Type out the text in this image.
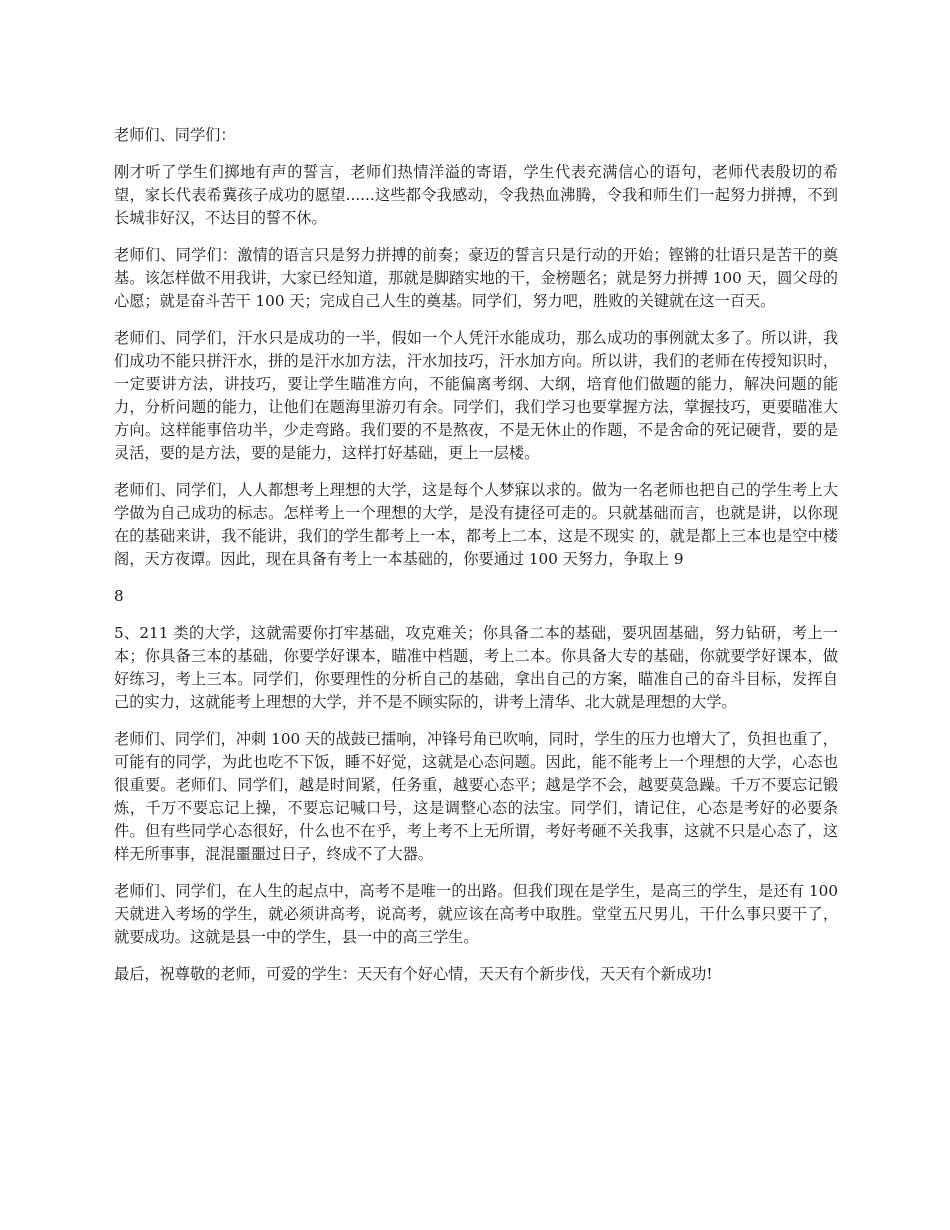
老师们、同学们：

刚才听了学生们掷地有声的誓言，老师们热情洋溢的寄语，学生代表充满信心的语句，老师代表殷切的希望，家长代表希冀孩子成功的愿望......这些都令我感动，令我热血沸腾，令我和师生们一起努力拼搏，不到长城非好汉，不达目的誓不休。

老师们、同学们：激情的语言只是努力拼搏的前奏；豪迈的誓言只是行动的开始；铿锵的壮语只是苦干的奠基。该怎样做不用我讲，大家已经知道，那就是脚踏实地的干，金榜题名；就是努力拼搏 100 天，圆父母的心愿；就是奋斗苦干 100 天；完成自己人生的奠基。同学们，努力吧，胜败的关键就在这一百天。

老师们、同学们，汗水只是成功的一半，假如一个人凭汗水能成功，那么成功的事例就太多了。所以讲，我们成功不能只拼汗水，拼的是汗水加方法，汗水加技巧，汗水加方向。所以讲，我们的老师在传授知识时，一定要讲方法，讲技巧，要让学生瞄准方向，不能偏离考纲、大纲，培育他们做题的能力，解决问题的能力，分析问题的能力，让他们在题海里游刃有余。同学们，我们学习也要掌握方法，掌握技巧，更要瞄准大方向。这样能事倍功半，少走弯路。我们要的不是熬夜，不是无休止的作题，不是舍命的死记硬背，要的是灵活，要的是方法，要的是能力，这样打好基础，更上一层楼。

老师们、同学们，人人都想考上理想的大学，这是每个人梦寐以求的。做为一名老师也把自己的学生考上大学做为自己成功的标志。怎样考上一个理想的大学，是没有捷径可走的。只就基础而言，也就是讲，以你现在的基础来讲，我不能讲，我们的学生都考上一本，都考上二本，这是不现实 的，就是都上三本也是空中楼阁，天方夜谭。因此，现在具备有考上一本基础的，你要通过 100 天努力，争取上 9

8

5、211 类的大学，这就需要你打牢基础，攻克难关；你具备二本的基础，要巩固基础，努力钻研，考上一本；你具备三本的基础，你要学好课本，瞄准中档题，考上二本。你具备大专的基础，你就要学好课本，做好练习，考上三本。同学们，你要理性的分析自己的基础，拿出自己的方案，瞄准自己的奋斗目标，发挥自己的实力，这就能考上理想的大学，并不是不顾实际的，讲考上清华、北大就是理想的大学。

老师们、同学们，冲刺 100 天的战鼓已擂响，冲锋号角已吹响，同时，学生的压力也增大了，负担也重了，可能有的同学，为此也吃不下饭，睡不好觉，这就是心态问题。因此，能不能考上一个理想的大学，心态也很重要。老师们、同学们，越是时间紧，任务重，越要心态平；越是学不会，越要莫急躁。千万不要忘记锻炼，千万不要忘记上操，不要忘记喊口号，这是调整心态的法宝。同学们，请记住，心态是考好的必要条件。但有些同学心态很好，什么也不在乎，考上考不上无所谓，考好考砸不关我事，这就不只是心态了，这样无所事事，混混噩噩过日子，终成不了大器。

老师们、同学们，在人生的起点中，高考不是唯一的出路。但我们现在是学生，是高三的学生，是还有 100 天就进入考场的学生，就必须讲高考，说高考，就应该在高考中取胜。堂堂五尺男儿，干什么事只要干了，就要成功。这就是县一中的学生，县一中的高三学生。

最后，祝尊敬的老师，可爱的学生：天天有个好心情，天天有个新步伐，天天有个新成功!
